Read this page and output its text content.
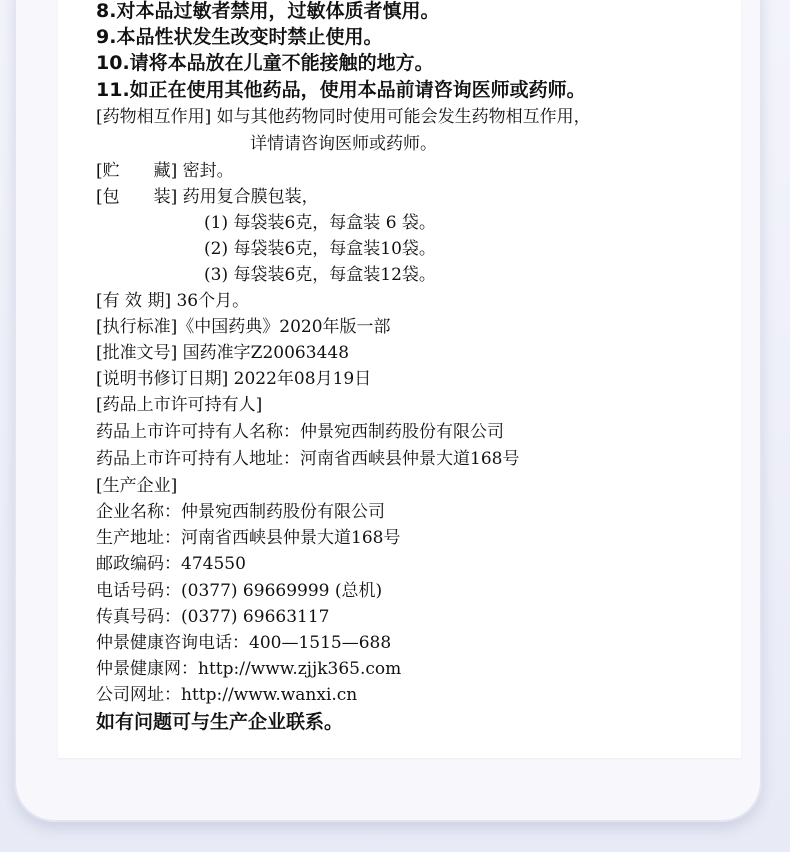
8.对本品过敏者禁用，过敏体质者慎用。
9.本品性状发生改变时禁止使用。
10.请将本品放在儿童不能接触的地方。
11.如正在使用其他药品，使用本品前请咨询医师或药师。
[药物相互作用] 如与其他药物同时使用可能会发生药物相互作用，
详情请咨询医师或药师。
[贮　　藏] 密封。
[包　　装] 药用复合膜包装，
(1) 每袋装6克，每盒装 6 袋。
(2) 每袋装6克，每盒装10袋。
(3) 每袋装6克，每盒装12袋。
[有 效 期] 36个月。
[执行标准]《中国药典》2020年版一部
[批准文号] 国药准字Z20063448
[说明书修订日期] 2022年08月19日
[药品上市许可持有人]
药品上市许可持有人名称：仲景宛西制药股份有限公司
药品上市许可持有人地址：河南省西峡县仲景大道168号
[生产企业]
企业名称：仲景宛西制药股份有限公司
生产地址：河南省西峡县仲景大道168号
邮政编码：474550
电话号码：(0377) 69669999 (总机)
传真号码：(0377) 69663117
仲景健康咨询电话：400—1515—688
仲景健康网：http://www.zjjk365.com
公司网址：http://www.wanxi.cn
如有问题可与生产企业联系。
